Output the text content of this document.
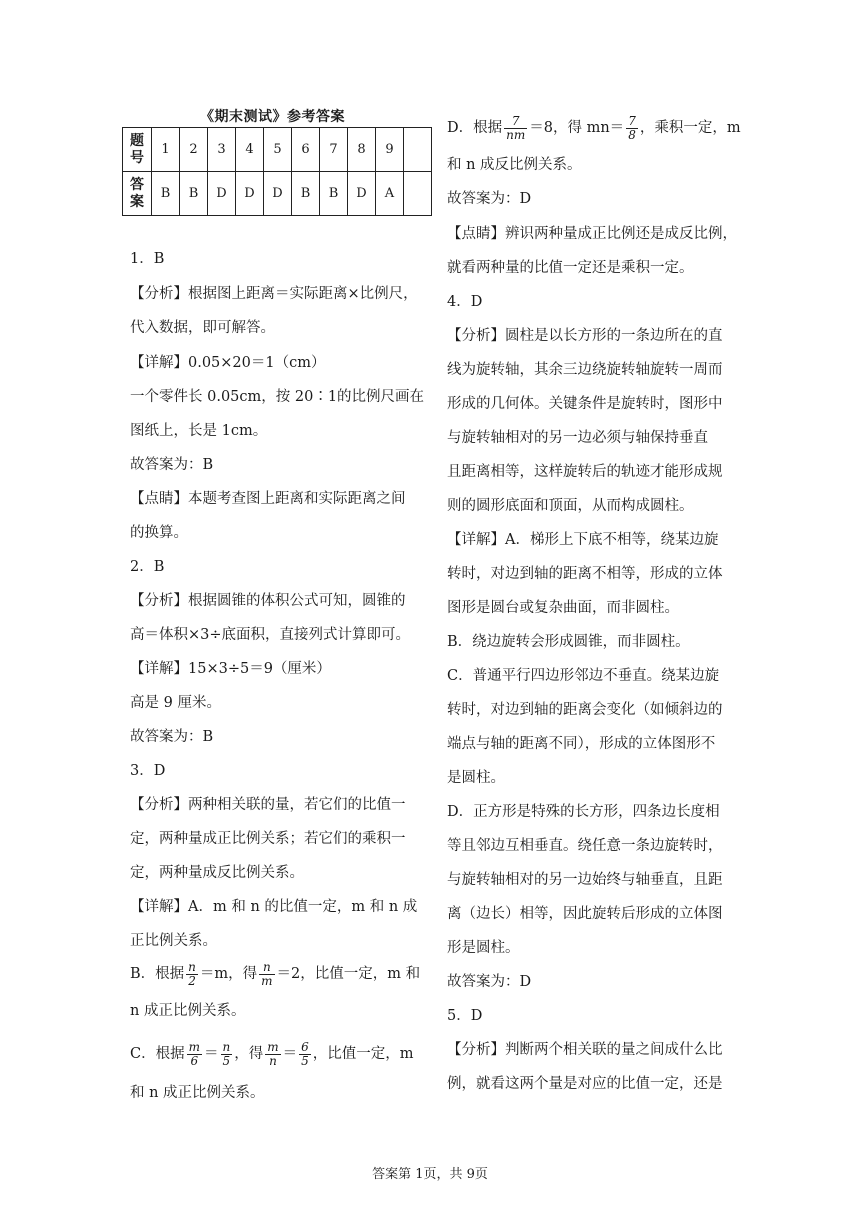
《期末测试》参考答案
题号	1	2	3	4	5	6	7	8	9	
答案	B	B	D	D	D	B	B	D	A	
1．B
【分析】根据图上距离＝实际距离×比例尺，
代入数据，即可解答。
【详解】0.05×20＝1（cm）
一个零件长 0.05cm，按 20∶1的比例尺画在
图纸上，长是 1cm。
故答案为：B
【点睛】本题考查图上距离和实际距离之间
的换算。
2．B
【分析】根据圆锥的体积公式可知，圆锥的
高＝体积×3÷底面积，直接列式计算即可。
【详解】15×3÷5＝9（厘米）
高是 9 厘米。
故答案为：B
3．D
【分析】两种相关联的量，若它们的比值一
定，两种量成正比例关系；若它们的乘积一
定，两种量成反比例关系。
【详解】A．m 和 n 的比值一定，m 和 n 成
正比例关系。
B．根据 $\frac{n}{2} =m$，得 $\frac{n}{m} =2$，比值一定，m 和
n 成正比例关系。
C．根据 $\frac{m}{6} = \frac{n}{5}$ ，得 $\frac{m}{n} = \frac{6}{5}$ ，比值一定，m
和 n 成正比例关系。
D．根据 $\frac{7}{nm} =8$，得 $mn= \frac{7}{8}$ ，乘积一定，m
和 n 成反比例关系。
故答案为：D
【点睛】辨识两种量成正比例还是成反比例，
就看两种量的比值一定还是乘积一定。
4．D
【分析】圆柱是以长方形的一条边所在的直
线为旋转轴，其余三边绕旋转轴旋转一周而
形成的几何体。关键条件是旋转时，图形中
与旋转轴相对的另一边必须与轴保持垂直
且距离相等，这样旋转后的轨迹才能形成规
则的圆形底面和顶面，从而构成圆柱。
【详解】A．梯形上下底不相等，绕某边旋
转时，对边到轴的距离不相等，形成的立体
图形是圆台或复杂曲面，而非圆柱。
B．绕边旋转会形成圆锥，而非圆柱。
C．普通平行四边形邻边不垂直。绕某边旋
转时，对边到轴的距离会变化（如倾斜边的
端点与轴的距离不同），形成的立体图形不
是圆柱。
D．正方形是特殊的长方形，四条边长度相
等且邻边互相垂直。绕任意一条边旋转时，
与旋转轴相对的另一边始终与轴垂直，且距
离（边长）相等，因此旋转后形成的立体图
形是圆柱。
故答案为：D
5．D
【分析】判断两个相关联的量之间成什么比
例，就看这两个量是对应的比值一定，还是
答案第 1页，共 9页
